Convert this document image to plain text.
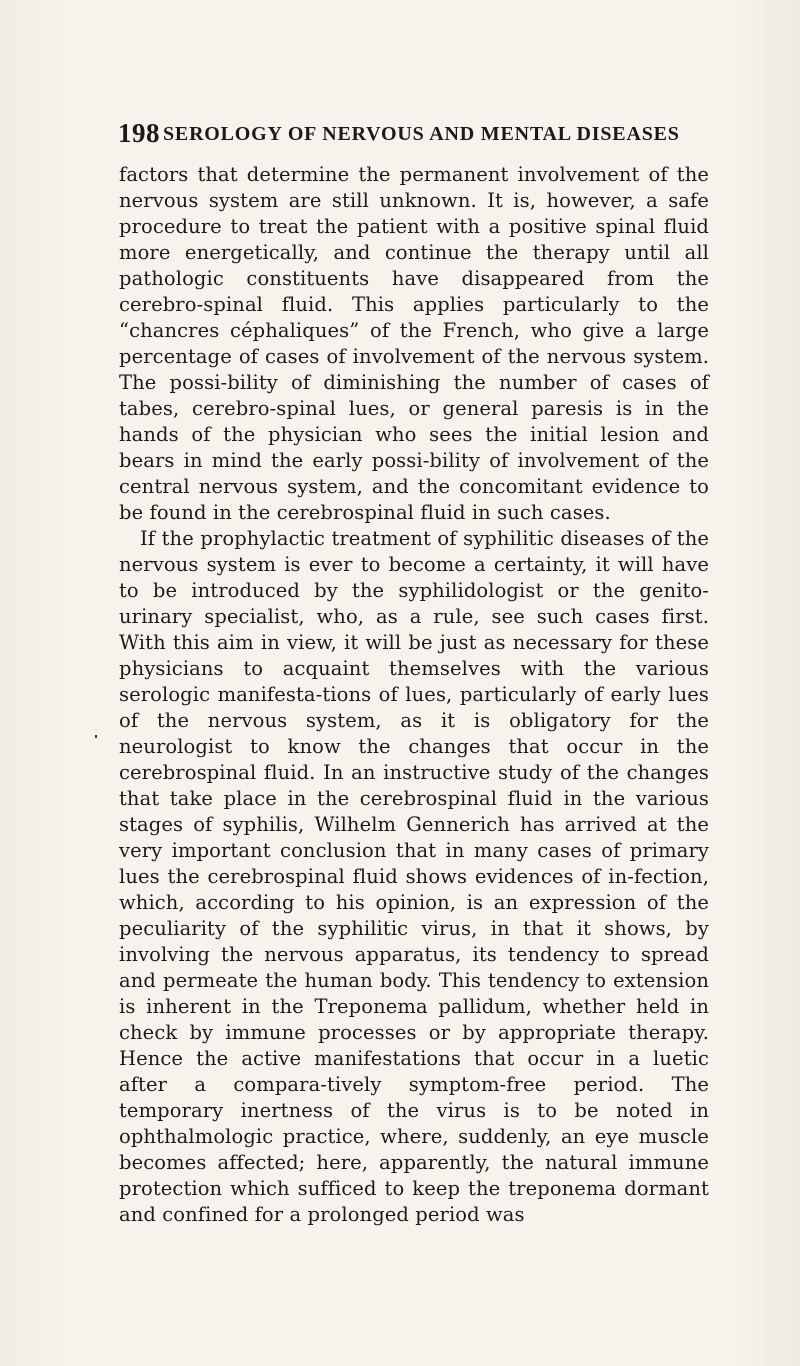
198 SEROLOGY OF NERVOUS AND MENTAL DISEASES

factors that determine the permanent involvement of the nervous system are still unknown. It is, however, a safe procedure to treat the patient with a positive spinal fluid more energetically, and continue the therapy until all pathologic constituents have disappeared from the cerebro-spinal fluid. This applies particularly to the “chancres céphaliques” of the French, who give a large percentage of cases of involvement of the nervous system. The possi-bility of diminishing the number of cases of tabes, cerebro-spinal lues, or general paresis is in the hands of the physician who sees the initial lesion and bears in mind the early possi-bility of involvement of the central nervous system, and the concomitant evidence to be found in the cerebrospinal fluid in such cases.

If the prophylactic treatment of syphilitic diseases of the nervous system is ever to become a certainty, it will have to be introduced by the syphilidologist or the genito-urinary specialist, who, as a rule, see such cases first. With this aim in view, it will be just as necessary for these physicians to acquaint themselves with the various serologic manifesta-tions of lues, particularly of early lues of the nervous system, as it is obligatory for the neurologist to know the changes that occur in the cerebrospinal fluid. In an instructive study of the changes that take place in the cerebrospinal fluid in the various stages of syphilis, Wilhelm Gennerich has arrived at the very important conclusion that in many cases of primary lues the cerebrospinal fluid shows evidences of in-fection, which, according to his opinion, is an expression of the peculiarity of the syphilitic virus, in that it shows, by involving the nervous apparatus, its tendency to spread and permeate the human body. This tendency to extension is inherent in the Treponema pallidum, whether held in check by immune processes or by appropriate therapy. Hence the active manifestations that occur in a luetic after a compara-tively symptom-free period. The temporary inertness of the virus is to be noted in ophthalmologic practice, where, suddenly, an eye muscle becomes affected; here, apparently, the natural immune protection which sufficed to keep the treponema dormant and confined for a prolonged period was
